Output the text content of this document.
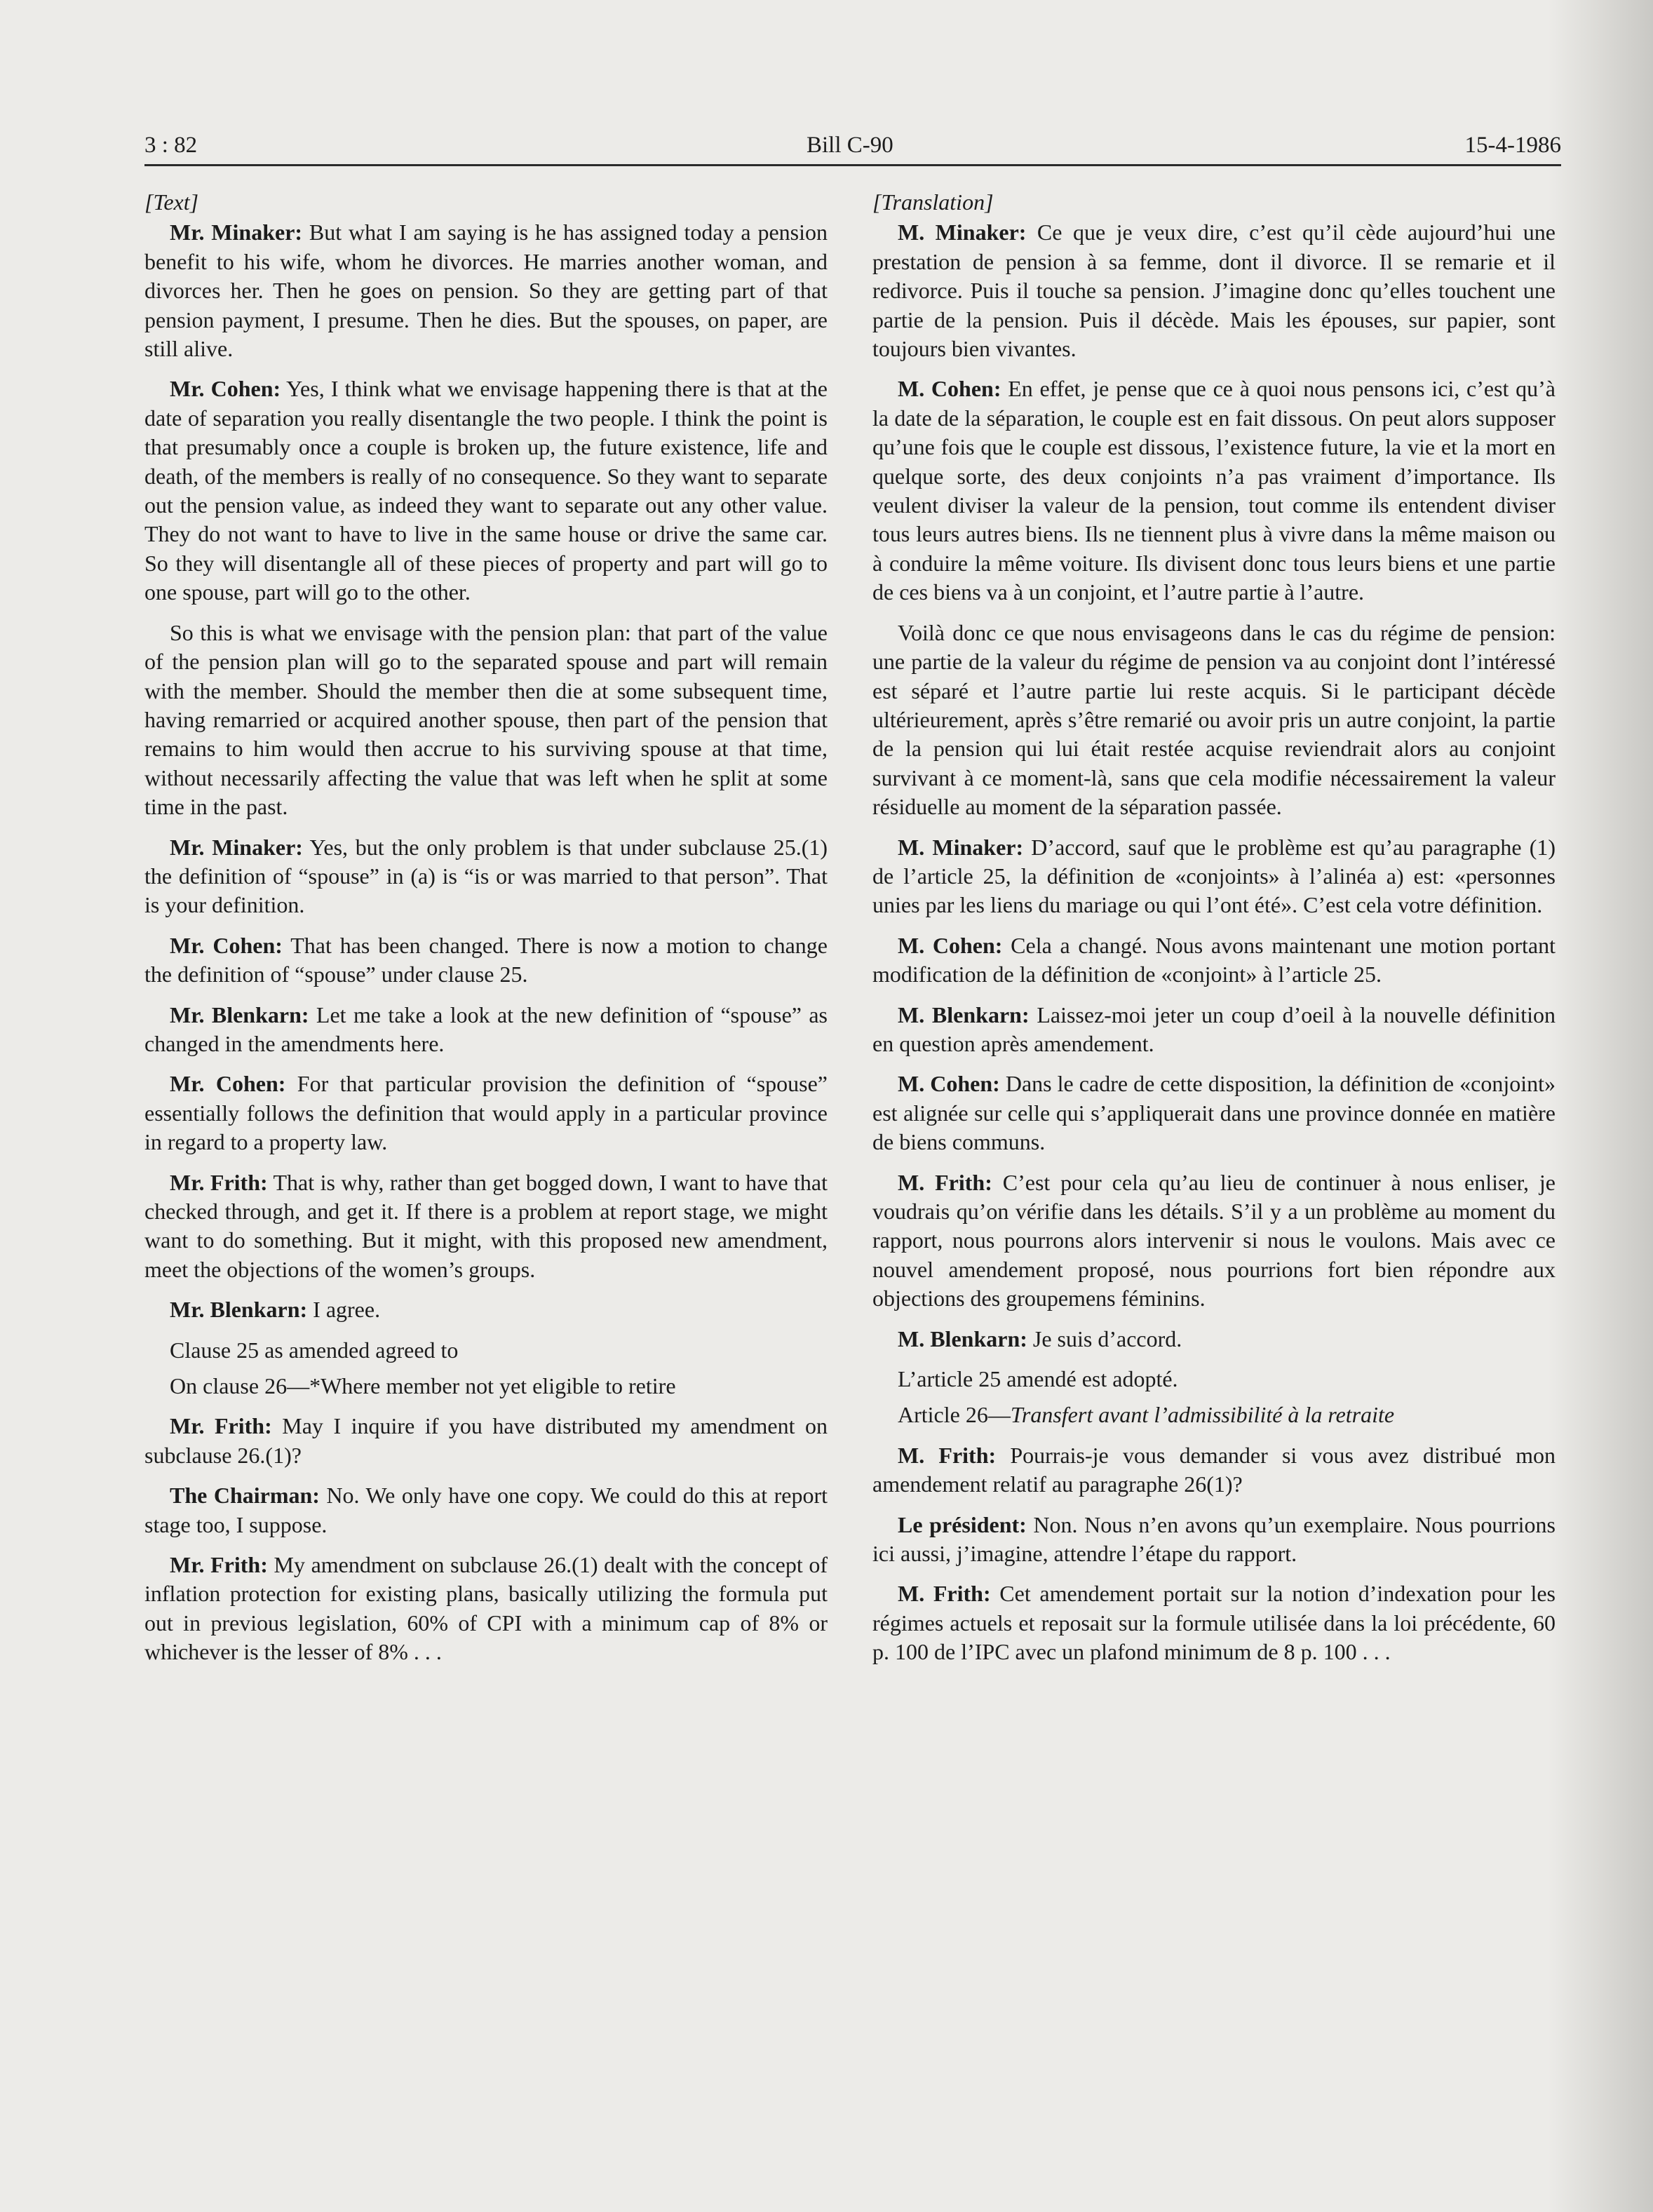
3 : 82	Bill C-90	15-4-1986

[Text]

Mr. Minaker: But what I am saying is he has assigned today a pension benefit to his wife, whom he divorces. He marries another woman, and divorces her. Then he goes on pension. So they are getting part of that pension payment, I presume. Then he dies. But the spouses, on paper, are still alive.

Mr. Cohen: Yes, I think what we envisage happening there is that at the date of separation you really disentangle the two people. I think the point is that presumably once a couple is broken up, the future existence, life and death, of the members is really of no consequence. So they want to separate out the pension value, as indeed they want to separate out any other value. They do not want to have to live in the same house or drive the same car. So they will disentangle all of these pieces of property and part will go to one spouse, part will go to the other.

So this is what we envisage with the pension plan: that part of the value of the pension plan will go to the separated spouse and part will remain with the member. Should the member then die at some subsequent time, having remarried or acquired another spouse, then part of the pension that remains to him would then accrue to his surviving spouse at that time, without necessarily affecting the value that was left when he split at some time in the past.

Mr. Minaker: Yes, but the only problem is that under subclause 25.(1) the definition of “spouse” in (a) is “is or was married to that person”. That is your definition.

Mr. Cohen: That has been changed. There is now a motion to change the definition of “spouse” under clause 25.

Mr. Blenkarn: Let me take a look at the new definition of “spouse” as changed in the amendments here.

Mr. Cohen: For that particular provision the definition of “spouse” essentially follows the definition that would apply in a particular province in regard to a property law.

Mr. Frith: That is why, rather than get bogged down, I want to have that checked through, and get it. If there is a problem at report stage, we might want to do something. But it might, with this proposed new amendment, meet the objections of the women’s groups.

Mr. Blenkarn: I agree.

Clause 25 as amended agreed to

On clause 26—*Where member not yet eligible to retire

Mr. Frith: May I inquire if you have distributed my amendment on subclause 26.(1)?

The Chairman: No. We only have one copy. We could do this at report stage too, I suppose.

Mr. Frith: My amendment on subclause 26.(1) dealt with the concept of inflation protection for existing plans, basically utilizing the formula put out in previous legislation, 60% of CPI with a minimum cap of 8% or whichever is the lesser of 8% . . .

[Translation]

M. Minaker: Ce que je veux dire, c’est qu’il cède aujourd’hui une prestation de pension à sa femme, dont il divorce. Il se remarie et il redivorce. Puis il touche sa pension. J’imagine donc qu’elles touchent une partie de la pension. Puis il décède. Mais les épouses, sur papier, sont toujours bien vivantes.

M. Cohen: En effet, je pense que ce à quoi nous pensons ici, c’est qu’à la date de la séparation, le couple est en fait dissous. On peut alors supposer qu’une fois que le couple est dissous, l’existence future, la vie et la mort en quelque sorte, des deux conjoints n’a pas vraiment d’importance. Ils veulent diviser la valeur de la pension, tout comme ils entendent diviser tous leurs autres biens. Ils ne tiennent plus à vivre dans la même maison ou à conduire la même voiture. Ils divisent donc tous leurs biens et une partie de ces biens va à un conjoint, et l’autre partie à l’autre.

Voilà donc ce que nous envisageons dans le cas du régime de pension: une partie de la valeur du régime de pension va au conjoint dont l’intéressé est séparé et l’autre partie lui reste acquis. Si le participant décède ultérieurement, après s’être remarié ou avoir pris un autre conjoint, la partie de la pension qui lui était restée acquise reviendrait alors au conjoint survivant à ce moment-là, sans que cela modifie nécessairement la valeur résiduelle au moment de la séparation passée.

M. Minaker: D’accord, sauf que le problème est qu’au paragraphe (1) de l’article 25, la définition de «conjoints» à l’alinéa a) est: «personnes unies par les liens du mariage ou qui l’ont été». C’est cela votre définition.

M. Cohen: Cela a changé. Nous avons maintenant une motion portant modification de la définition de «conjoint» à l’article 25.

M. Blenkarn: Laissez-moi jeter un coup d’oeil à la nouvelle définition en question après amendement.

M. Cohen: Dans le cadre de cette disposition, la définition de «conjoint» est alignée sur celle qui s’appliquerait dans une province donnée en matière de biens communs.

M. Frith: C’est pour cela qu’au lieu de continuer à nous enliser, je voudrais qu’on vérifie dans les détails. S’il y a un problème au moment du rapport, nous pourrons alors intervenir si nous le voulons. Mais avec ce nouvel amendement proposé, nous pourrions fort bien répondre aux objections des groupemens féminins.

M. Blenkarn: Je suis d’accord.

L’article 25 amendé est adopté.

Article 26—Transfert avant l’admissibilité à la retraite

M. Frith: Pourrais-je vous demander si vous avez distribué mon amendement relatif au paragraphe 26(1)?

Le président: Non. Nous n’en avons qu’un exemplaire. Nous pourrions ici aussi, j’imagine, attendre l’étape du rapport.

M. Frith: Cet amendement portait sur la notion d’indexation pour les régimes actuels et reposait sur la formule utilisée dans la loi précédente, 60 p. 100 de l’IPC avec un plafond minimum de 8 p. 100 . . .
